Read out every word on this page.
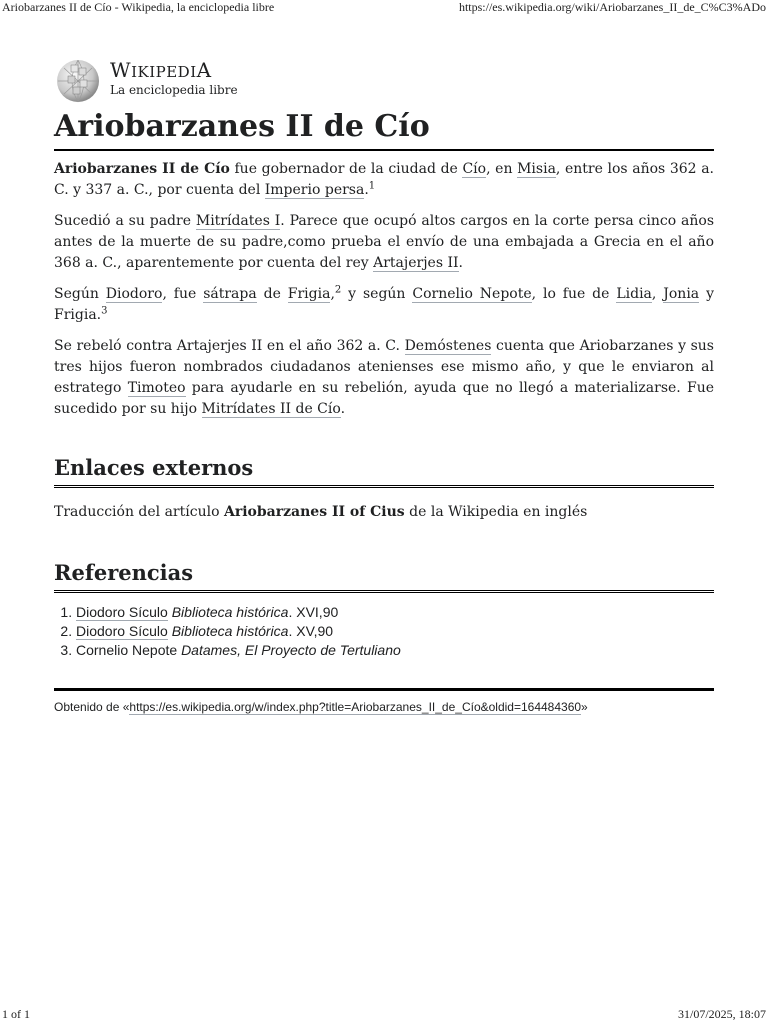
Ariobarzanes II de Cío - Wikipedia, la enciclopedia libre	https://es.wikipedia.org/wiki/Ariobarzanes_II_de_C%C3%ADo
WIKIPEDIA
La enciclopedia libre
Ariobarzanes II de Cío

Ariobarzanes II de Cío fue gobernador de la ciudad de Cío, en Misia, entre los años 362 a. C. y 337 a. C., por cuenta del Imperio persa.$^1$

Sucedió a su padre Mitrídates I. Parece que ocupó altos cargos en la corte persa cinco años antes de la muerte de su padre,como prueba el envío de una embajada a Grecia en el año 368 a. C., aparentemente por cuenta del rey Artajerjes II.

Según Diodoro, fue sátrapa de Frigia,$^2$ y según Cornelio Nepote, lo fue de Lidia, Jonia y Frigia.$^3$

Se rebeló contra Artajerjes II en el año 362 a. C. Demóstenes cuenta que Ariobarzanes y sus tres hijos fueron nombrados ciudadanos atenienses ese mismo año, y que le enviaron al estratego Timoteo para ayudarle en su rebelión, ayuda que no llegó a materializarse. Fue sucedido por su hijo Mitrídates II de Cío.

Enlaces externos

Traducción del artículo Ariobarzanes II of Cius de la Wikipedia en inglés

Referencias
1. Diodoro Sículo Biblioteca histórica. XVI,90
2. Diodoro Sículo Biblioteca histórica. XV,90
3. Cornelio Nepote Datames, El Proyecto de Tertuliano
Obtenido de «https://es.wikipedia.org/w/index.php?title=Ariobarzanes_II_de_Cío&oldid=164484360»
1 of 1	31/07/2025, 18:07
